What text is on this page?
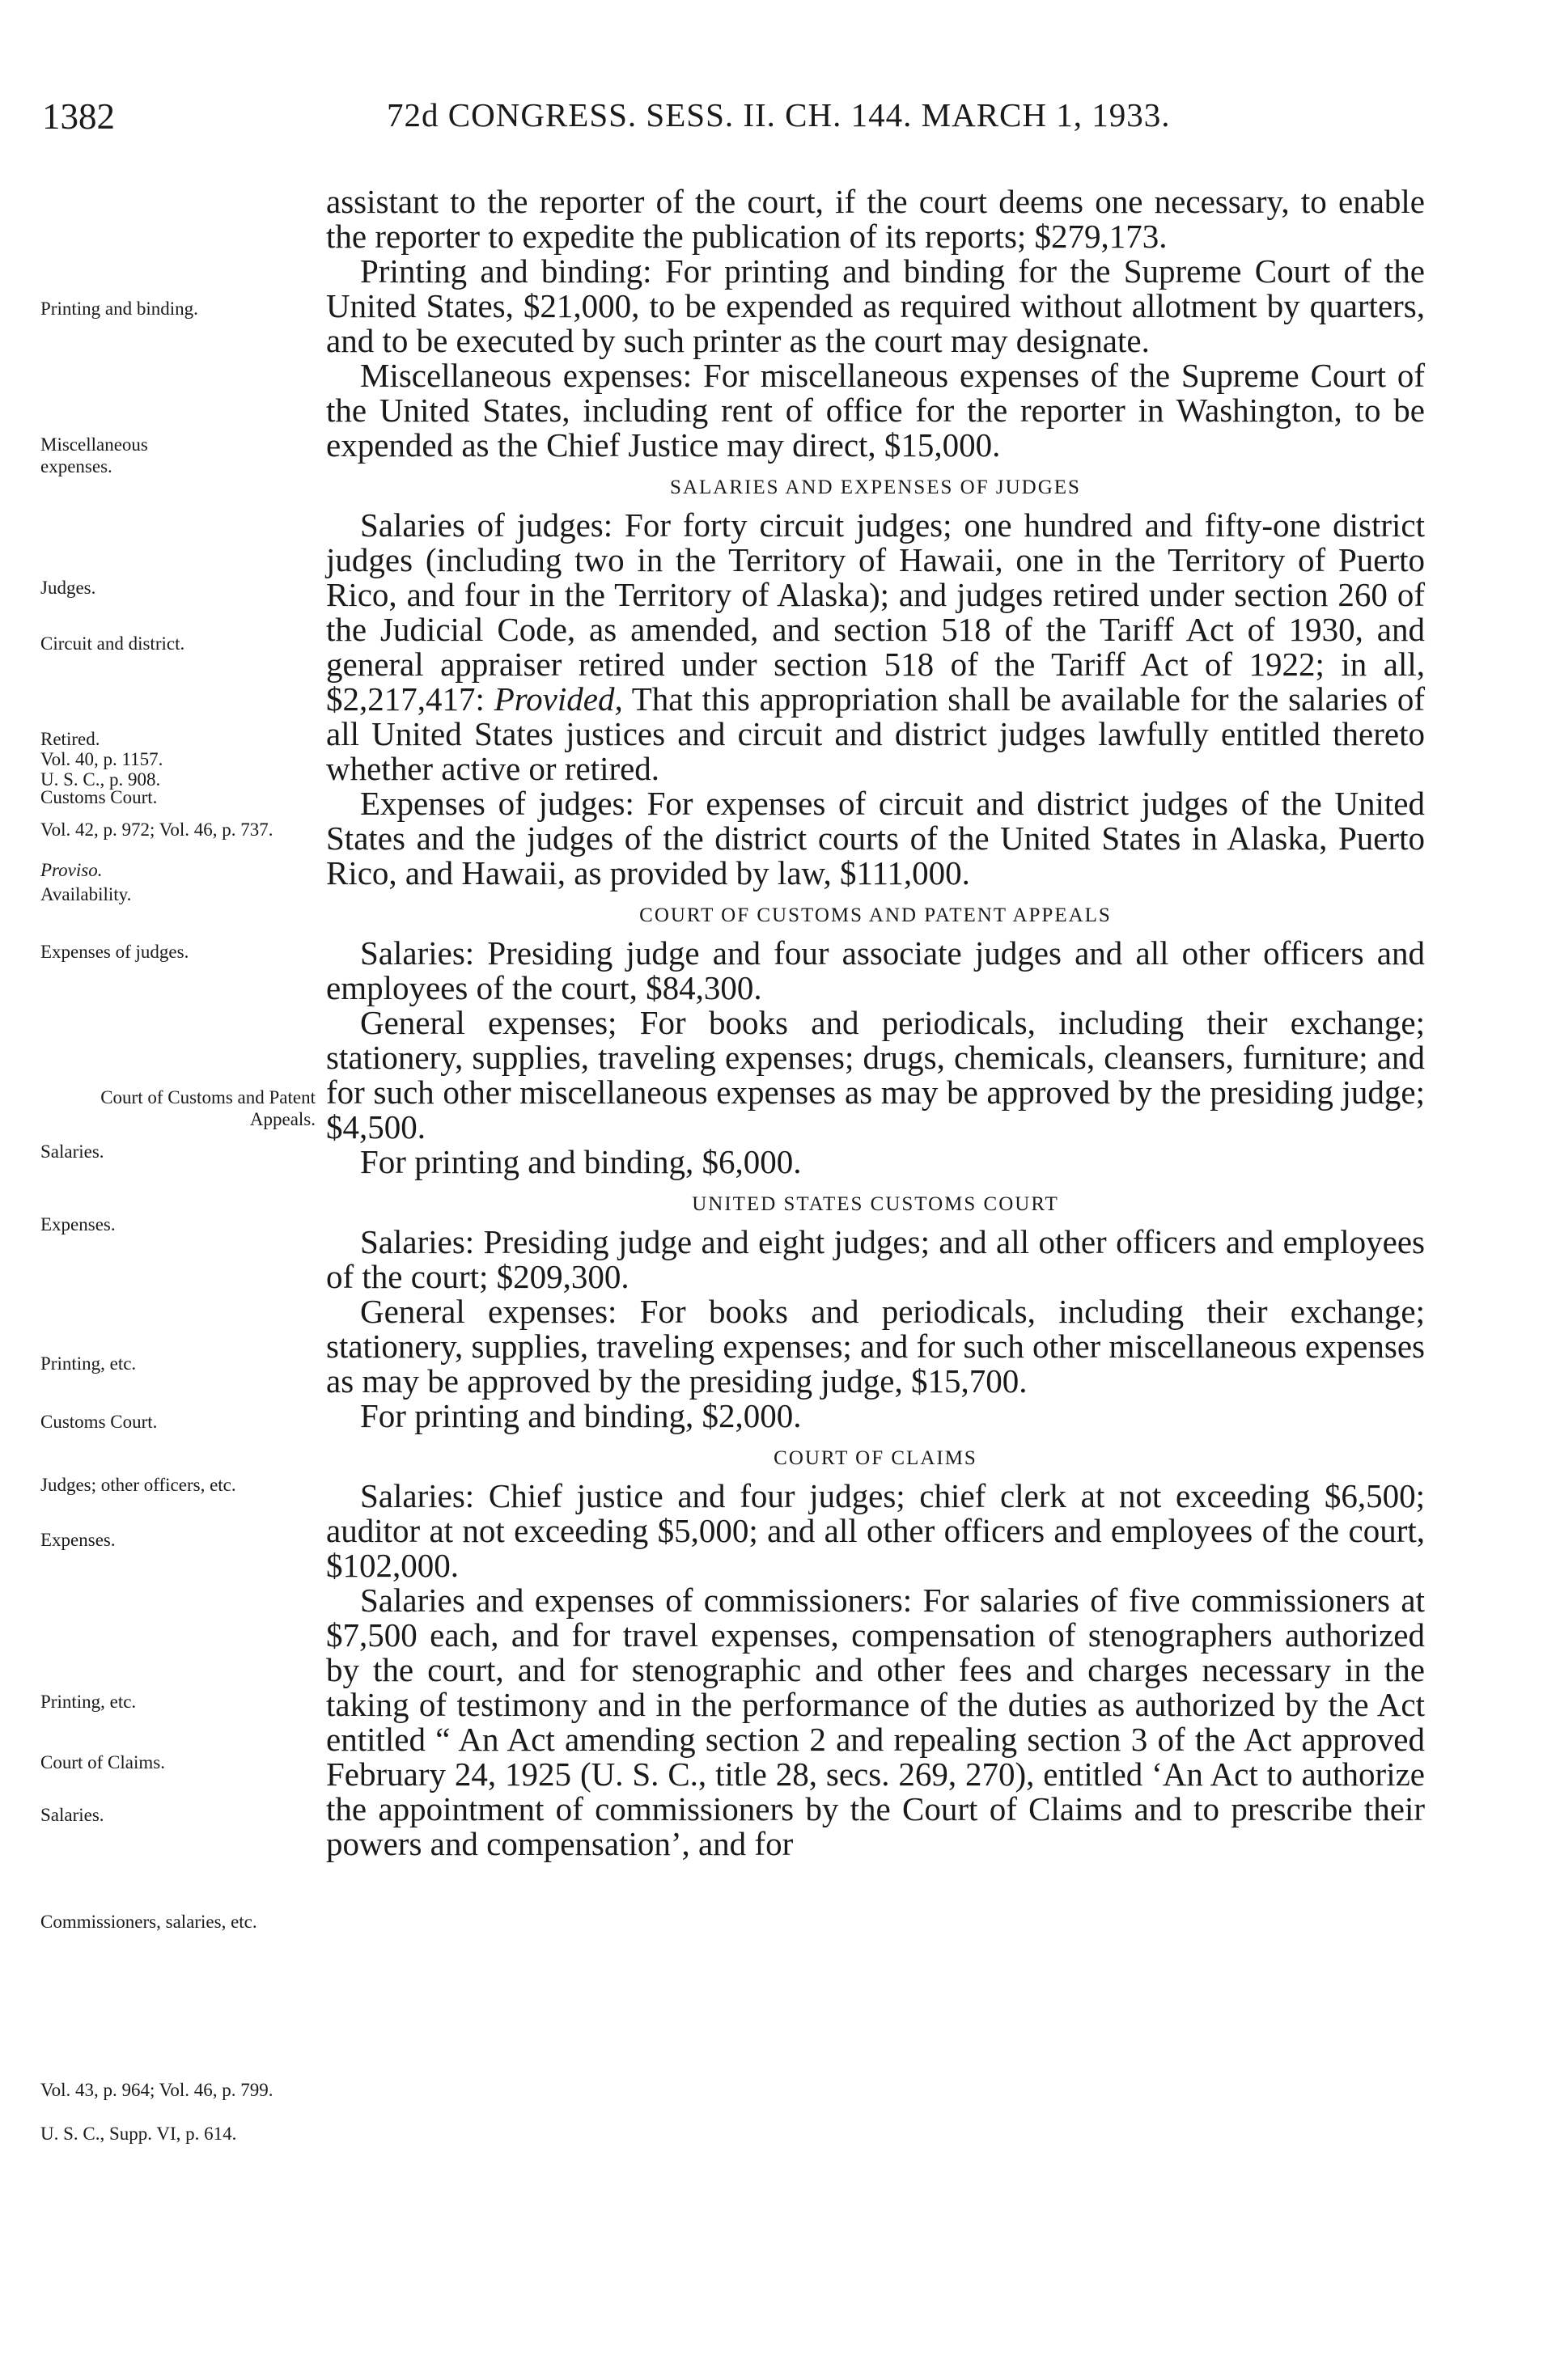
1382	72d CONGRESS. SESS. II. CH. 144. MARCH 1, 1933.
Printing and binding.
Miscellaneous expenses.
Judges.
Circuit and district.
Retired.
Vol. 40, p. 1157.
U. S. C., p. 908.
Customs Court.
Vol. 42, p. 972; Vol. 46, p. 737.
Proviso.
Availability.
Expenses of judges.
Court of Customs and Patent Appeals.
Salaries.
Expenses.
Printing, etc.
Customs Court.
Judges; other officers, etc.
Expenses.
Printing, etc.
Court of Claims.
Salaries.
Commissioners, salaries, etc.
Vol. 43, p. 964; Vol. 46, p. 799.
U. S. C., Supp. VI, p. 614.

assistant to the reporter of the court, if the court deems one necessary, to enable the reporter to expedite the publication of its reports; $279,173.

Printing and binding: For printing and binding for the Supreme Court of the United States, $21,000, to be expended as required without allotment by quarters, and to be executed by such printer as the court may designate.

Miscellaneous expenses: For miscellaneous expenses of the Supreme Court of the United States, including rent of office for the reporter in Washington, to be expended as the Chief Justice may direct, $15,000.

SALARIES AND EXPENSES OF JUDGES

Salaries of judges: For forty circuit judges; one hundred and fifty-one district judges (including two in the Territory of Hawaii, one in the Territory of Puerto Rico, and four in the Territory of Alaska); and judges retired under section 260 of the Judicial Code, as amended, and section 518 of the Tariff Act of 1930, and general appraiser retired under section 518 of the Tariff Act of 1922; in all, $2,217,417: Provided, That this appropriation shall be available for the salaries of all United States justices and circuit and district judges lawfully entitled thereto whether active or retired.

Expenses of judges: For expenses of circuit and district judges of the United States and the judges of the district courts of the United States in Alaska, Puerto Rico, and Hawaii, as provided by law, $111,000.

COURT OF CUSTOMS AND PATENT APPEALS

Salaries: Presiding judge and four associate judges and all other officers and employees of the court, $84,300.

General expenses; For books and periodicals, including their exchange; stationery, supplies, traveling expenses; drugs, chemicals, cleansers, furniture; and for such other miscellaneous expenses as may be approved by the presiding judge; $4,500.

For printing and binding, $6,000.

UNITED STATES CUSTOMS COURT

Salaries: Presiding judge and eight judges; and all other officers and employees of the court; $209,300.

General expenses: For books and periodicals, including their exchange; stationery, supplies, traveling expenses; and for such other miscellaneous expenses as may be approved by the presiding judge, $15,700.

For printing and binding, $2,000.

COURT OF CLAIMS

Salaries: Chief justice and four judges; chief clerk at not exceeding $6,500; auditor at not exceeding $5,000; and all other officers and employees of the court, $102,000.

Salaries and expenses of commissioners: For salaries of five commissioners at $7,500 each, and for travel expenses, compensation of stenographers authorized by the court, and for stenographic and other fees and charges necessary in the taking of testimony and in the performance of the duties as authorized by the Act entitled “ An Act amending section 2 and repealing section 3 of the Act approved February 24, 1925 (U. S. C., title 28, secs. 269, 270), entitled ‘An Act to authorize the appointment of commissioners by the Court of Claims and to prescribe their powers and compensation’, and for
